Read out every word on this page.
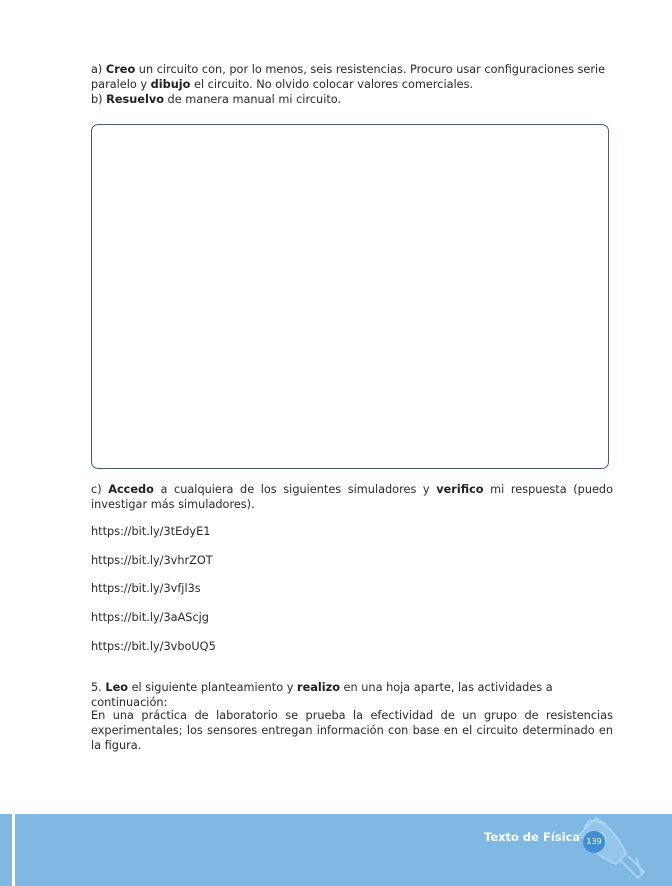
a) Creo un circuito con, por lo menos, seis resistencias. Procuro usar configuraciones serie paralelo y dibujo el circuito. No olvido colocar valores comerciales.
b) Resuelvo de manera manual mi circuito.
c) Accedo a cualquiera de los siguientes simuladores y verifico mi respuesta (puedo investigar más simuladores).
https://bit.ly/3tEdyE1
https://bit.ly/3vhrZOT
https://bit.ly/3vfjl3s
https://bit.ly/3aAScjg
https://bit.ly/3vboUQ5
5. Leo el siguiente planteamiento y realizo en una hoja aparte, las actividades a continuación:
En una práctica de laboratorio se prueba la efectividad de un grupo de resistencias experimentales; los sensores entregan información con base en el circuito determinado en la figura.
Texto de Física 139
